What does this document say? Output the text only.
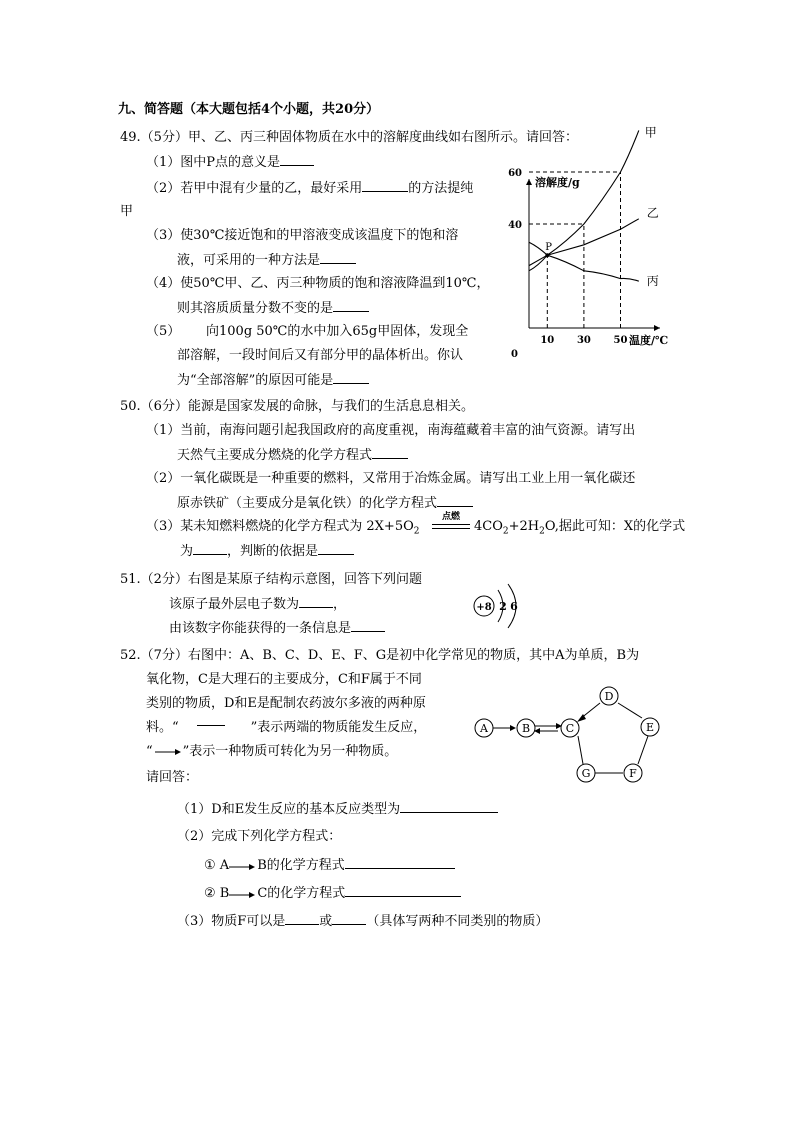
九、简答题（本大题包括4个小题，共20分）
49.（5分）甲、乙、丙三种固体物质在水中的溶解度曲线如右图所示。请回答：
（1）图中P点的意义是
（2）若甲中混有少量的乙，最好采用	的方法提纯
甲
（3）使30℃接近饱和的甲溶液变成该温度下的饱和溶
液，可采用的一种方法是
（4）使50℃甲、乙、丙三种物质的饱和溶液降温到10℃，
则其溶质质量分数不变的是
（5） 向100g 50℃的水中加入65g甲固体，发现全
部溶解，一段时间后又有部分甲的晶体析出。你认
为“全部溶解”的原因可能是
溶解度/g
温度/℃
0
10 30 50
40
60
甲
乙
丙
P
50.（6分）能源是国家发展的命脉，与我们的生活息息相关。
（1）当前，南海问题引起我国政府的高度重视，南海蕴藏着丰富的油气资源。请写出
天然气主要成分燃烧的化学方程式
（2）一氧化碳既是一种重要的燃料，又常用于冶炼金属。请写出工业上用一氧化碳还
原赤铁矿（主要成分是氧化铁）的化学方程式
（3）某未知燃料燃烧的化学方程式为 $2X+5O_2$
点燃
$4CO_2+2H_2O$,据此可知：X的化学式
为	，判断的依据是
51.（2分）右图是某原子结构示意图，回答下列问题
该原子最外层电子数为	，
由该数字你能获得的一条信息是
+8 2 6
52.（7分）右图中：A、B、C、D、E、F、G是初中化学常见的物质，其中A为单质，B为
氧化物，C是大理石的主要成分，C和F属于不同
类别的物质，D和E是配制农药波尔多液的两种原
料。“	”表示两端的物质能发生反应，
“ ”表示一种物质可转化为另一种物质。
请回答：
（1）D和E发生反应的基本反应类型为
（2）完成下列化学方程式：
① A B的化学方程式
② B C的化学方程式
（3）物质F可以是	或	（具体写两种不同类别的物质）
A	B	C
D
E
F
G
